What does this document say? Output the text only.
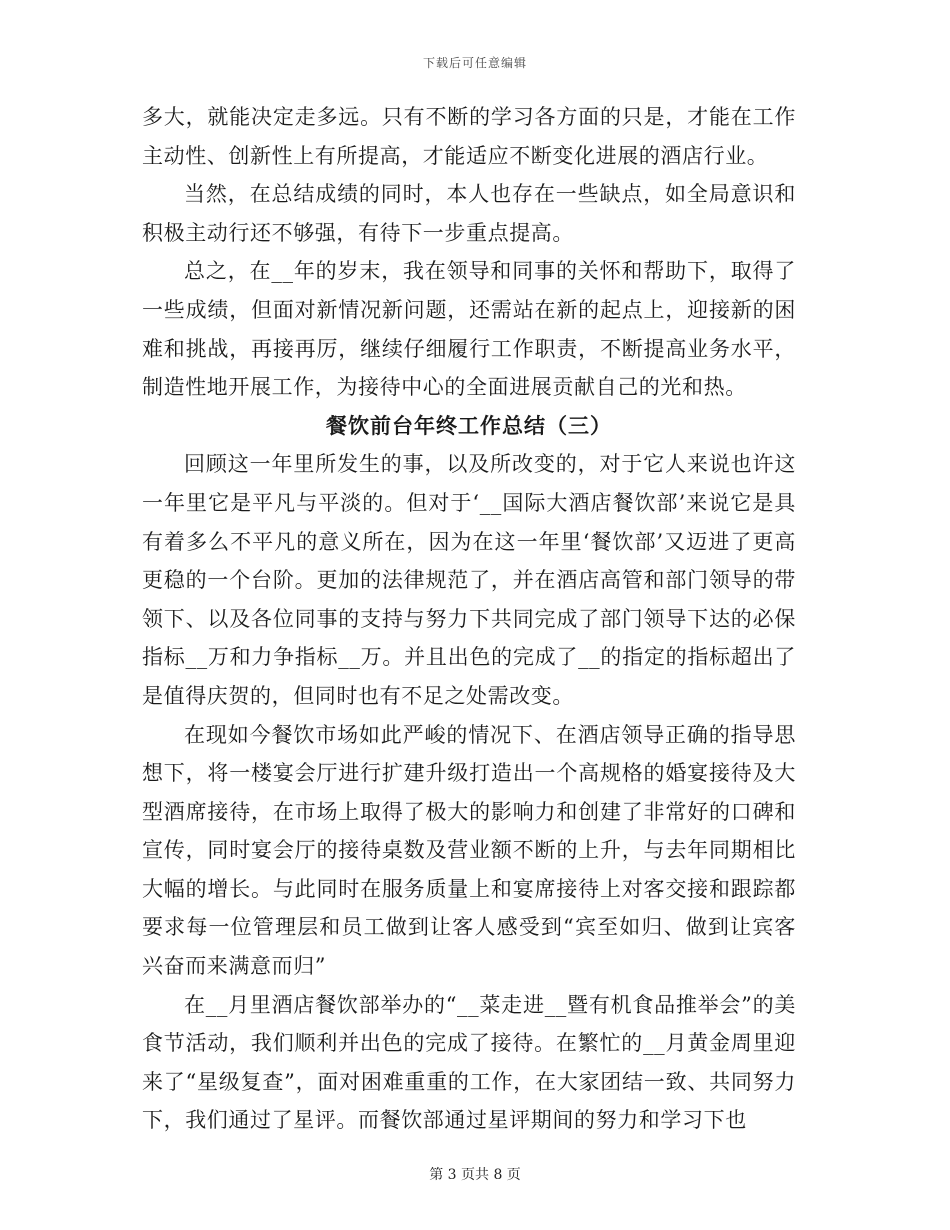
下载后可任意编辑

多大，就能决定走多远。只有不断的学习各方面的只是，才能在工作主动性、创新性上有所提高，才能适应不断变化进展的酒店行业。

当然，在总结成绩的同时，本人也存在一些缺点，如全局意识和积极主动行还不够强，有待下一步重点提高。

总之，在__年的岁末，我在领导和同事的关怀和帮助下，取得了一些成绩，但面对新情况新问题，还需站在新的起点上，迎接新的困难和挑战，再接再厉，继续仔细履行工作职责，不断提高业务水平，制造性地开展工作，为接待中心的全面进展贡献自己的光和热。

餐饮前台年终工作总结（三）

回顾这一年里所发生的事，以及所改变的，对于它人来说也许这一年里它是平凡与平淡的。但对于‘__国际大酒店餐饮部’来说它是具有着多么不平凡的意义所在，因为在这一年里‘餐饮部’又迈进了更高更稳的一个台阶。更加的法律规范了，并在酒店高管和部门领导的带领下、以及各位同事的支持与努力下共同完成了部门领导下达的必保指标__万和力争指标__万。并且出色的完成了__的指定的指标超出了是值得庆贺的，但同时也有不足之处需改变。

在现如今餐饮市场如此严峻的情况下、在酒店领导正确的指导思想下，将一楼宴会厅进行扩建升级打造出一个高规格的婚宴接待及大型酒席接待，在市场上取得了极大的影响力和创建了非常好的口碑和宣传，同时宴会厅的接待桌数及营业额不断的上升，与去年同期相比大幅的增长。与此同时在服务质量上和宴席接待上对客交接和跟踪都要求每一位管理层和员工做到让客人感受到“宾至如归、做到让宾客兴奋而来满意而归”

在__月里酒店餐饮部举办的“__菜走进__暨有机食品推举会”的美食节活动，我们顺利并出色的完成了接待。在繁忙的__月黄金周里迎来了“星级复查”，面对困难重重的工作，在大家团结一致、共同努力下，我们通过了星评。而餐饮部通过星评期间的努力和学习下也

第 3 页共 8 页
